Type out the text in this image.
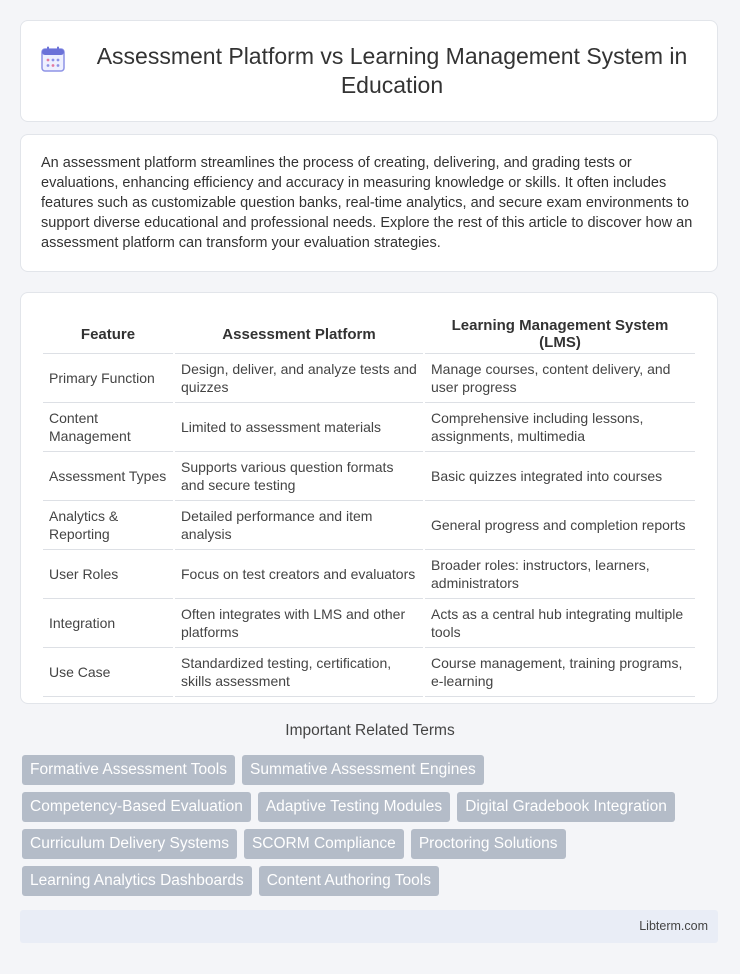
Assessment Platform vs Learning Management System in Education

An assessment platform streamlines the process of creating, delivering, and grading tests or evaluations, enhancing efficiency and accuracy in measuring knowledge or skills. It often includes features such as customizable question banks, real-time analytics, and secure exam environments to support diverse educational and professional needs. Explore the rest of this article to discover how an assessment platform can transform your evaluation strategies.

Feature	Assessment Platform	Learning Management System (LMS)
Primary Function	Design, deliver, and analyze tests and quizzes	Manage courses, content delivery, and user progress
Content Management	Limited to assessment materials	Comprehensive including lessons, assignments, multimedia
Assessment Types	Supports various question formats and secure testing	Basic quizzes integrated into courses
Analytics & Reporting	Detailed performance and item analysis	General progress and completion reports
User Roles	Focus on test creators and evaluators	Broader roles: instructors, learners, administrators
Integration	Often integrates with LMS and other platforms	Acts as a central hub integrating multiple tools
Use Case	Standardized testing, certification, skills assessment	Course management, training programs, e-learning
Important Related Terms
Formative Assessment Tools	Summative Assessment Engines
Competency-Based Evaluation	Adaptive Testing Modules	Digital Gradebook Integration
Curriculum Delivery Systems	SCORM Compliance	Proctoring Solutions
Learning Analytics Dashboards	Content Authoring Tools
Libterm.com
